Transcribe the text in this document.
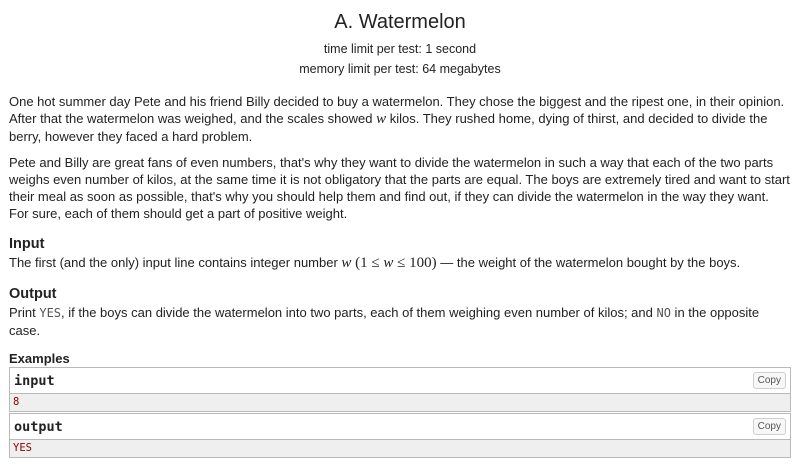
A. Watermelon
time limit per test: 1 second
memory limit per test: 64 megabytes

One hot summer day Pete and his friend Billy decided to buy a watermelon. They chose the biggest and the ripest one, in their opinion. After that the watermelon was weighed, and the scales showed w kilos. They rushed home, dying of thirst, and decided to divide the berry, however they faced a hard problem.

Pete and Billy are great fans of even numbers, that's why they want to divide the watermelon in such a way that each of the two parts weighs even number of kilos, at the same time it is not obligatory that the parts are equal. The boys are extremely tired and want to start their meal as soon as possible, that's why you should help them and find out, if they can divide the watermelon in the way they want. For sure, each of them should get a part of positive weight.

Input
The first (and the only) input line contains integer number w (1 ≤ w ≤ 100) — the weight of the watermelon bought by the boys.
Output
Print YES, if the boys can divide the watermelon into two parts, each of them weighing even number of kilos; and NO in the opposite case.
Examples
input	Copy
8
output	Copy
YES
